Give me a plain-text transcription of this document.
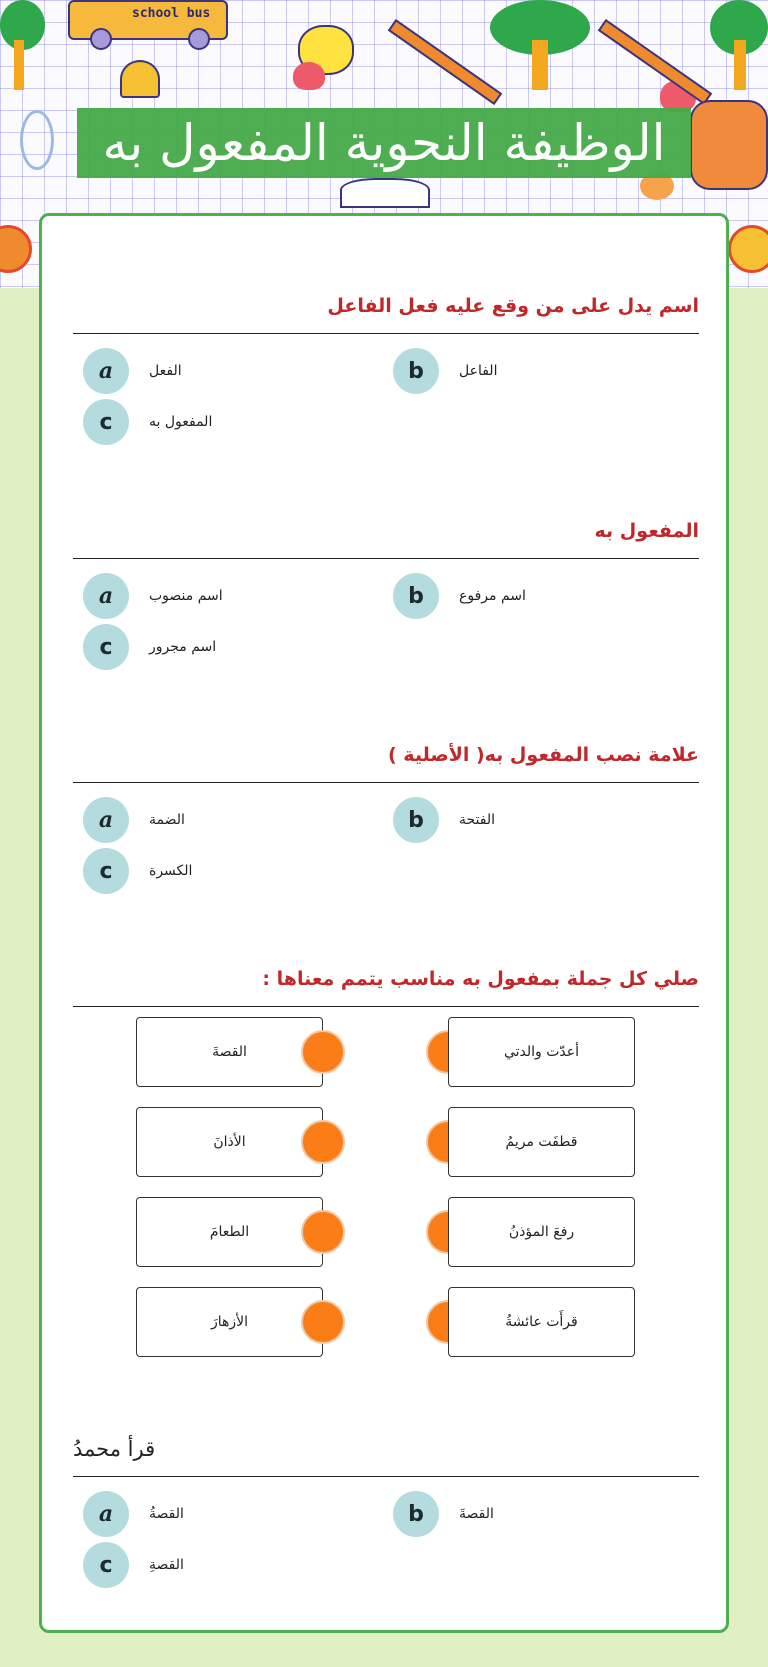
school bus
الوظيفة النحوية المفعول به
اسم يدل على من وقع عليه فعل الفاعل
a	الفعل	b	الفاعل
c	المفعول به
المفعول به
a	اسم منصوب	b	اسم مرفوع
c	اسم مجرور
علامة نصب المفعول به( الأصلية )
a	الضمة	b	الفتحة
c	الكسرة
صلي كل جملة بمفعول به مناسب يتمم معناها :
القصةَ	أعدّت والدتي
الأذانَ	قطفَت مريمُ
الطعامَ	رفعَ المؤذنُ
الأزهارَ	قرأَت عائشةُ
قرأ محمدُ
a	القصةُ	b	القصةَ
c	القصةِ
